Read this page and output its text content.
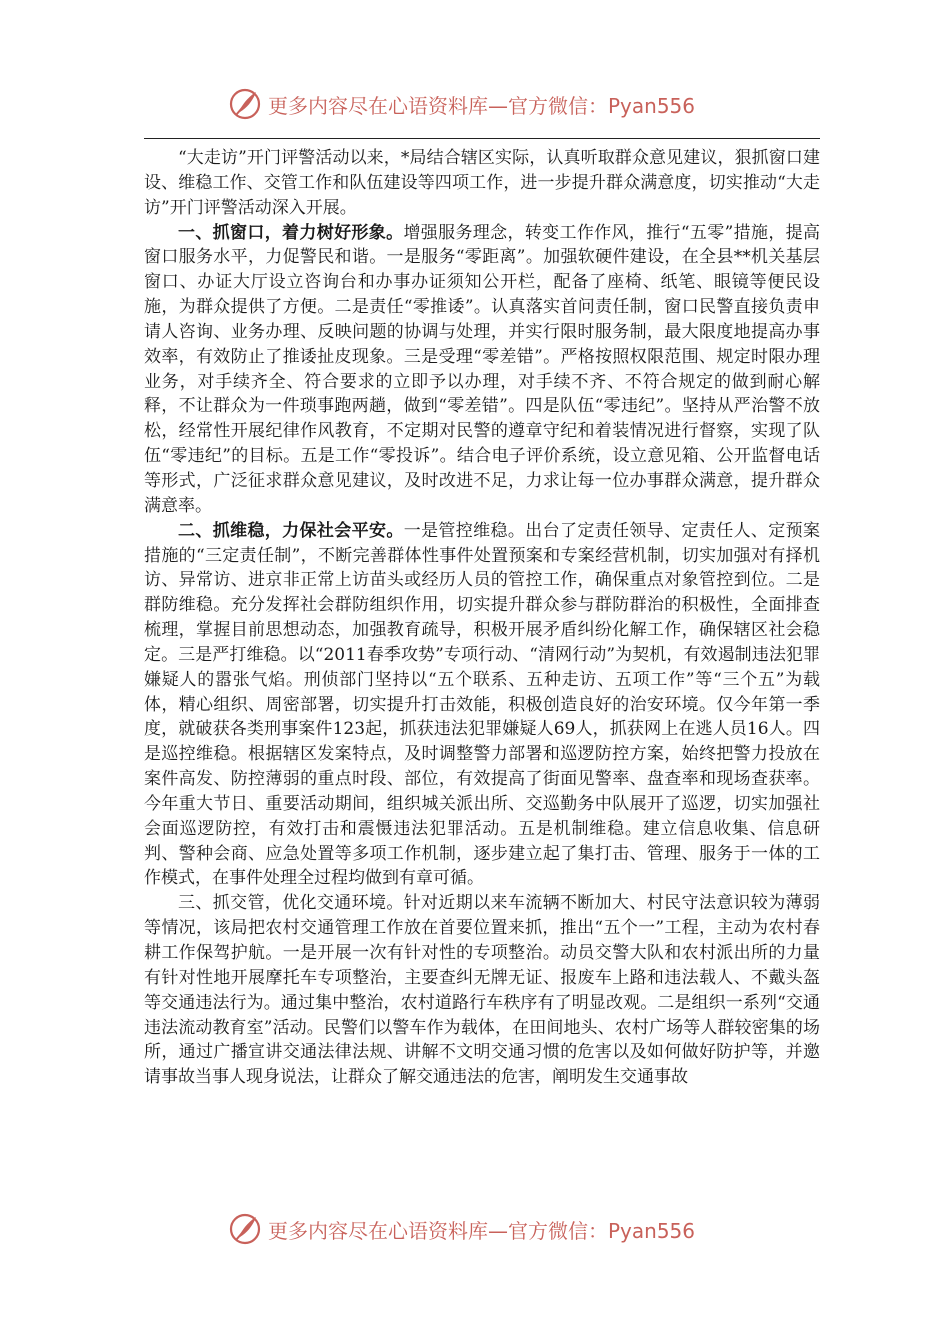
更多内容尽在心语资料库—官方微信：Pyan556

“大走访”开门评警活动以来，*局结合辖区实际，认真听取群众意见建议，狠抓窗口建设、维稳工作、交管工作和队伍建设等四项工作，进一步提升群众满意度，切实推动“大走访”开门评警活动深入开展。

一、抓窗口，着力树好形象。增强服务理念，转变工作作风，推行“五零”措施，提高窗口服务水平，力促警民和谐。一是服务“零距离”。加强软硬件建设，在全县**机关基层窗口、办证大厅设立咨询台和办事办证须知公开栏，配备了座椅、纸笔、眼镜等便民设施，为群众提供了方便。二是责任“零推诿”。认真落实首问责任制，窗口民警直接负责申请人咨询、业务办理、反映问题的协调与处理，并实行限时服务制，最大限度地提高办事效率，有效防止了推诿扯皮现象。三是受理“零差错”。严格按照权限范围、规定时限办理业务，对手续齐全、符合要求的立即予以办理，对手续不齐、不符合规定的做到耐心解释，不让群众为一件琐事跑两趟，做到“零差错”。四是队伍“零违纪”。坚持从严治警不放松，经常性开展纪律作风教育，不定期对民警的遵章守纪和着装情况进行督察，实现了队伍“零违纪”的目标。五是工作“零投诉”。结合电子评价系统，设立意见箱、公开监督电话等形式，广泛征求群众意见建议，及时改进不足，力求让每一位办事群众满意，提升群众满意率。

二、抓维稳，力保社会平安。一是管控维稳。出台了定责任领导、定责任人、定预案措施的“三定责任制”，不断完善群体性事件处置预案和专案经营机制，切实加强对有择机访、异常访、进京非正常上访苗头或经历人员的管控工作，确保重点对象管控到位。二是群防维稳。充分发挥社会群防组织作用，切实提升群众参与群防群治的积极性，全面排查梳理，掌握目前思想动态，加强教育疏导，积极开展矛盾纠纷化解工作，确保辖区社会稳定。三是严打维稳。以“2011春季攻势”专项行动、“清网行动”为契机，有效遏制违法犯罪嫌疑人的嚣张气焰。刑侦部门坚持以“五个联系、五种走访、五项工作”等“三个五”为载体，精心组织、周密部署，切实提升打击效能，积极创造良好的治安环境。仅今年第一季度，就破获各类刑事案件123起，抓获违法犯罪嫌疑人69人，抓获网上在逃人员16人。四是巡控维稳。根据辖区发案特点，及时调整警力部署和巡逻防控方案，始终把警力投放在案件高发、防控薄弱的重点时段、部位，有效提高了街面见警率、盘查率和现场查获率。今年重大节日、重要活动期间，组织城关派出所、交巡勤务中队展开了巡逻，切实加强社会面巡逻防控，有效打击和震慑违法犯罪活动。五是机制维稳。建立信息收集、信息研判、警种会商、应急处置等多项工作机制，逐步建立起了集打击、管理、服务于一体的工作模式，在事件处理全过程均做到有章可循。

三、抓交管，优化交通环境。针对近期以来车流辆不断加大、村民守法意识较为薄弱等情况，该局把农村交通管理工作放在首要位置来抓，推出“五个一”工程，主动为农村春耕工作保驾护航。一是开展一次有针对性的专项整治。动员交警大队和农村派出所的力量有针对性地开展摩托车专项整治，主要查纠无牌无证、报废车上路和违法载人、不戴头盔等交通违法行为。通过集中整治，农村道路行车秩序有了明显改观。二是组织一系列“交通违法流动教育室”活动。民警们以警车作为载体，在田间地头、农村广场等人群较密集的场所，通过广播宣讲交通法律法规、讲解不文明交通习惯的危害以及如何做好防护等，并邀请事故当事人现身说法，让群众了解交通违法的危害，阐明发生交通事故

更多内容尽在心语资料库—官方微信：Pyan556
